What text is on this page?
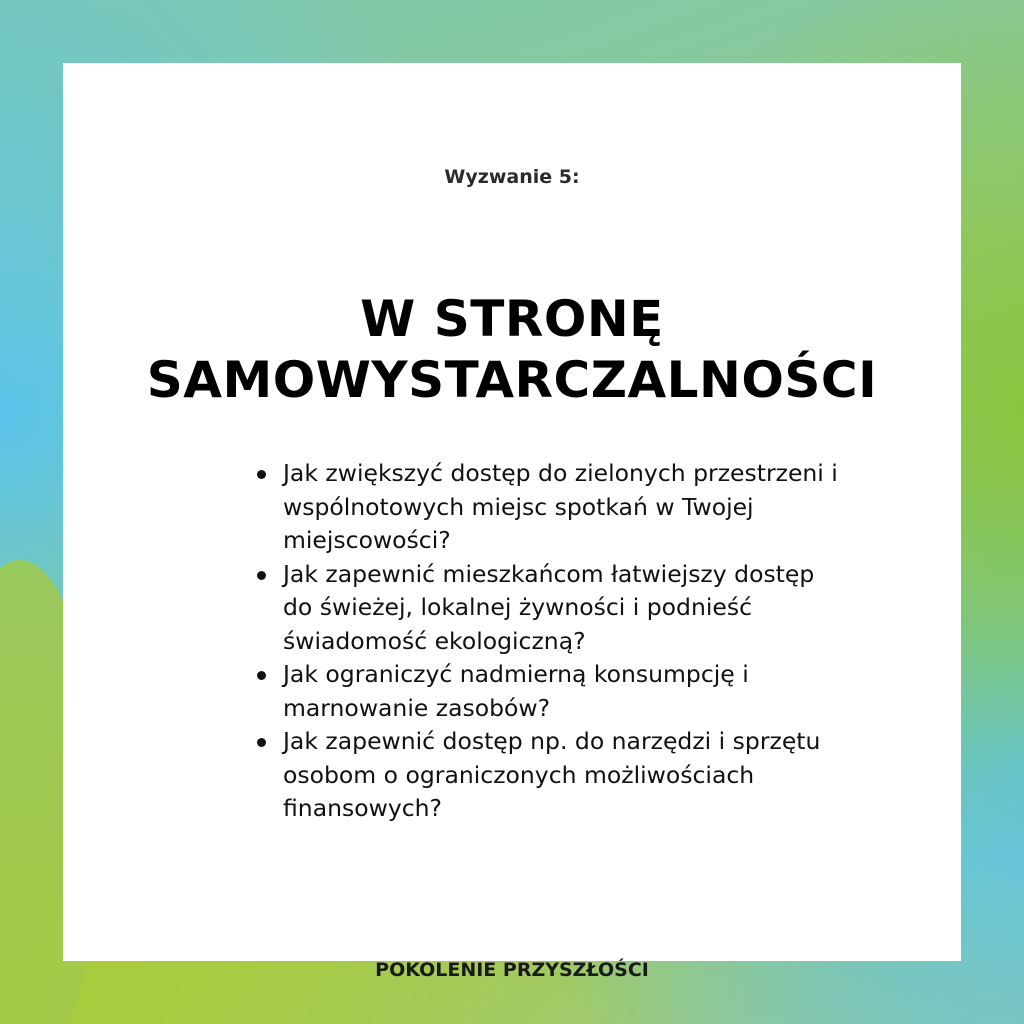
Wyzwanie 5:
W STRONĘ
SAMOWYSTARCZALNOŚCI
Jak zwiększyć dostęp do zielonych przestrzeni i
wspólnotowych miejsc spotkań w Twojej
miejscowości?
Jak zapewnić mieszkańcom łatwiejszy dostęp
do świeżej, lokalnej żywności i podnieść
świadomość ekologiczną?
Jak ograniczyć nadmierną konsumpcję i
marnowanie zasobów?
Jak zapewnić dostęp np. do narzędzi i sprzętu
osobom o ograniczonych możliwościach
finansowych?
POKOLENIE PRZYSZŁOŚCI
